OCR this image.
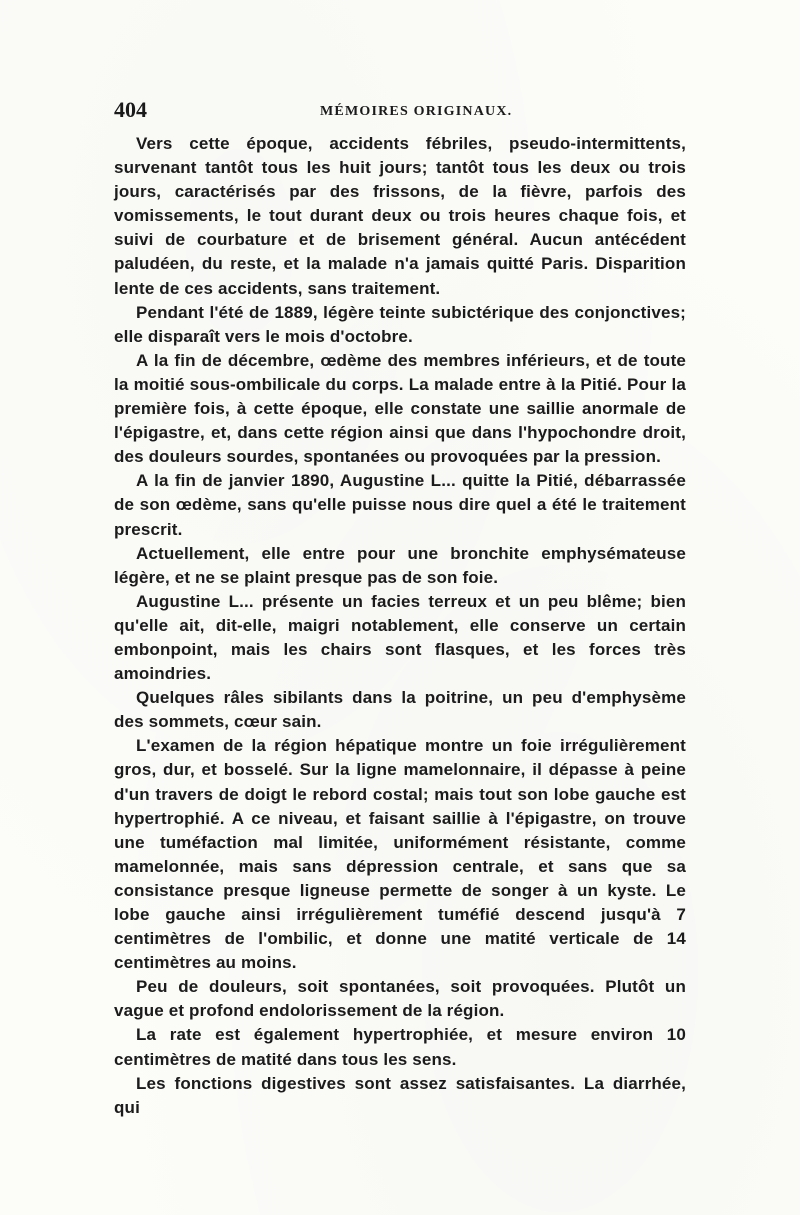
404	MÉMOIRES ORIGINAUX.

Vers cette époque, accidents fébriles, pseudo-intermittents, survenant tantôt tous les huit jours; tantôt tous les deux ou trois jours, caractérisés par des frissons, de la fièvre, parfois des vomissements, le tout durant deux ou trois heures chaque fois, et suivi de courbature et de brisement général. Aucun antécédent paludéen, du reste, et la malade n'a jamais quitté Paris. Disparition lente de ces accidents, sans traitement.

Pendant l'été de 1889, légère teinte subictérique des conjonctives; elle disparaît vers le mois d'octobre.

A la fin de décembre, œdème des membres inférieurs, et de toute la moitié sous-ombilicale du corps. La malade entre à la Pitié. Pour la première fois, à cette époque, elle constate une saillie anormale de l'épigastre, et, dans cette région ainsi que dans l'hypochondre droit, des douleurs sourdes, spontanées ou provoquées par la pression.

A la fin de janvier 1890, Augustine L... quitte la Pitié, débarrassée de son œdème, sans qu'elle puisse nous dire quel a été le traitement prescrit.

Actuellement, elle entre pour une bronchite emphysémateuse légère, et ne se plaint presque pas de son foie.

Augustine L... présente un facies terreux et un peu blême; bien qu'elle ait, dit-elle, maigri notablement, elle conserve un certain embonpoint, mais les chairs sont flasques, et les forces très amoindries.

Quelques râles sibilants dans la poitrine, un peu d'emphysème des sommets, cœur sain.

L'examen de la région hépatique montre un foie irrégulièrement gros, dur, et bosselé. Sur la ligne mamelonnaire, il dépasse à peine d'un travers de doigt le rebord costal; mais tout son lobe gauche est hypertrophié. A ce niveau, et faisant saillie à l'épigastre, on trouve une tuméfaction mal limitée, uniformément résistante, comme mamelonnée, mais sans dépression centrale, et sans que sa consistance presque ligneuse permette de songer à un kyste. Le lobe gauche ainsi irrégulièrement tuméfié descend jusqu'à 7 centimètres de l'ombilic, et donne une matité verticale de 14 centimètres au moins.

Peu de douleurs, soit spontanées, soit provoquées. Plutôt un vague et profond endolorissement de la région.

La rate est également hypertrophiée, et mesure environ 10 centimètres de matité dans tous les sens.

Les fonctions digestives sont assez satisfaisantes. La diarrhée, qui
